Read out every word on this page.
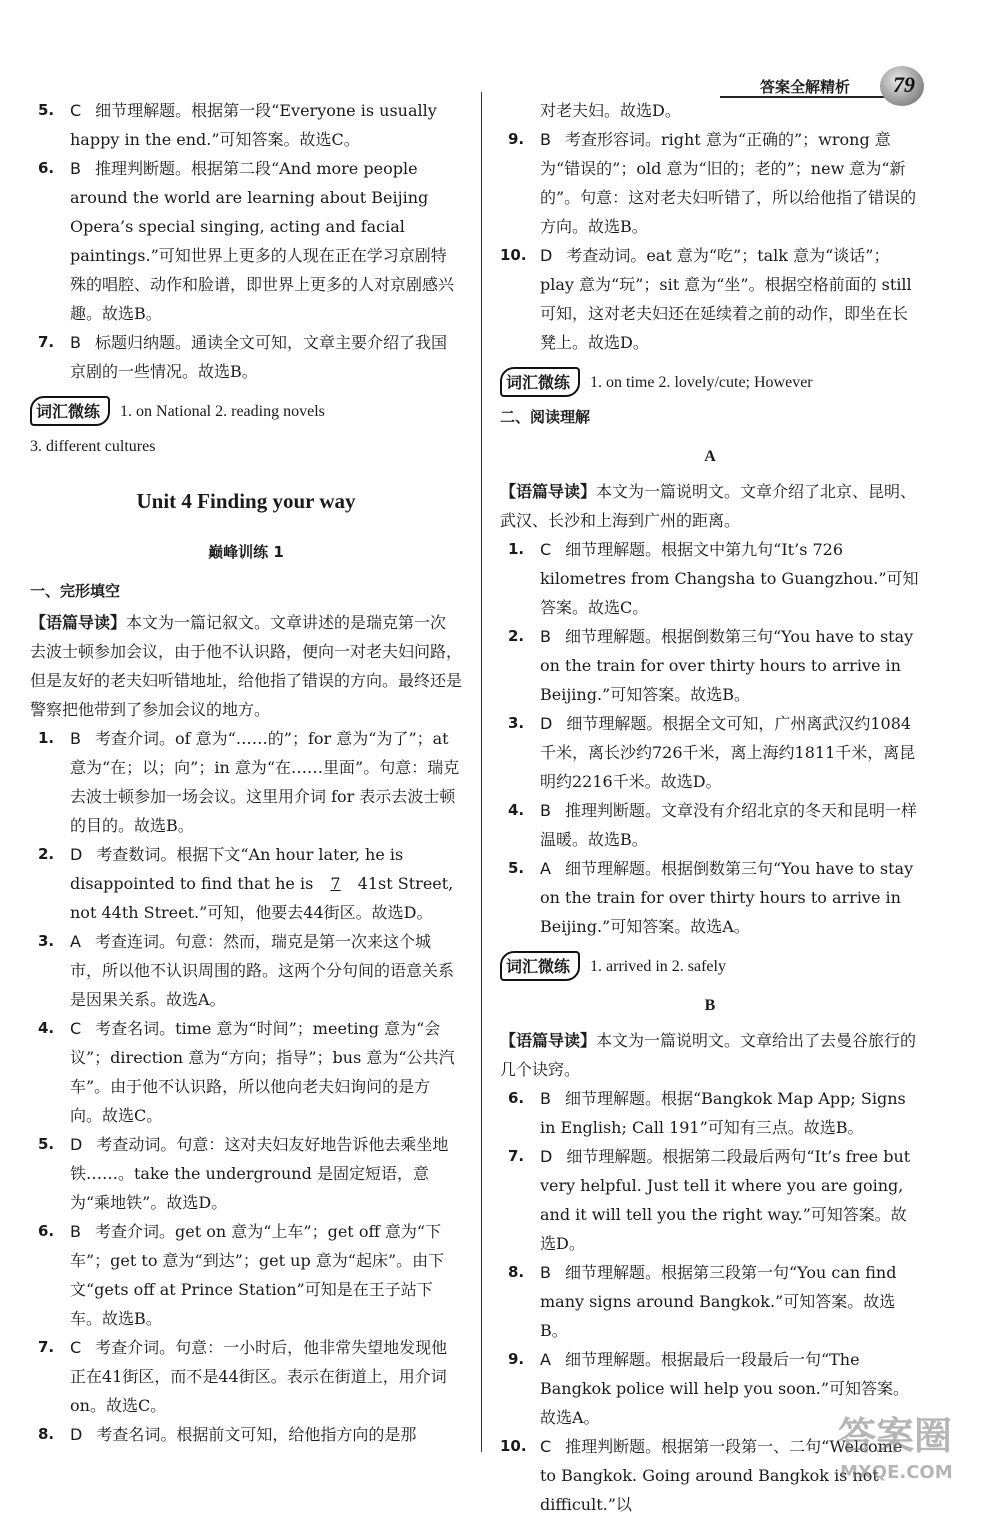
答案全解精析	79
5. C 细节理解题。根据第一段“Everyone is usually happy in the end.”可知答案。故选C。
6. B 推理判断题。根据第二段“And more people around the world are learning about Beijing Opera’s special singing, acting and facial paintings.”可知世界上更多的人现在正在学习京剧特殊的唱腔、动作和脸谱，即世界上更多的人对京剧感兴趣。故选B。
7. B 标题归纳题。通读全文可知，文章主要介绍了我国京剧的一些情况。故选B。
词汇微练	1. on National 2. reading novels
3. different cultures
Unit 4 Finding your way
巅峰训练 1
一、完形填空

【语篇导读】本文为一篇记叙文。文章讲述的是瑞克第一次去波士顿参加会议，由于他不认识路，便向一对老夫妇问路，但是友好的老夫妇听错地址，给他指了错误的方向。最终还是警察把他带到了参加会议的地方。

1. B 考查介词。of 意为“……的”；for 意为“为了”；at 意为“在；以；向”；in 意为“在……里面”。句意：瑞克去波士顿参加一场会议。这里用介词 for 表示去波士顿的目的。故选B。
2. D 考查数词。根据下文“An hour later, he is disappointed to find that he is 7 41st Street, not 44th Street.”可知，他要去44街区。故选D。
3. A 考查连词。句意：然而，瑞克是第一次来这个城市，所以他不认识周围的路。这两个分句间的语意关系是因果关系。故选A。
4. C 考查名词。time 意为“时间”；meeting 意为“会议”；direction 意为“方向；指导”；bus 意为“公共汽车”。由于他不认识路，所以他向老夫妇询问的是方向。故选C。
5. D 考查动词。句意：这对夫妇友好地告诉他去乘坐地铁……。take the underground 是固定短语，意为“乘地铁”。故选D。
6. B 考查介词。get on 意为“上车”；get off 意为“下车”；get to 意为“到达”；get up 意为“起床”。由下文“gets off at Prince Station”可知是在王子站下车。故选B。
7. C 考查介词。句意：一小时后，他非常失望地发现他正在41街区，而不是44街区。表示在街道上，用介词 on。故选C。
8. D 考查名词。根据前文可知，给他指方向的是那
对老夫妇。故选D。
9. B 考查形容词。right 意为“正确的”；wrong 意为“错误的”；old 意为“旧的；老的”；new 意为“新的”。句意：这对老夫妇听错了，所以给他指了错误的方向。故选B。
10. D 考查动词。eat 意为“吃”；talk 意为“谈话”；play 意为“玩”；sit 意为“坐”。根据空格前面的 still 可知，这对老夫妇还在延续着之前的动作，即坐在长凳上。故选D。
词汇微练	1. on time 2. lovely/cute; However
二、阅读理解
A

【语篇导读】本文为一篇说明文。文章介绍了北京、昆明、武汉、长沙和上海到广州的距离。

1. C 细节理解题。根据文中第九句“It’s 726 kilometres from Changsha to Guangzhou.”可知答案。故选C。
2. B 细节理解题。根据倒数第三句“You have to stay on the train for over thirty hours to arrive in Beijing.”可知答案。故选B。
3. D 细节理解题。根据全文可知，广州离武汉约1084千米，离长沙约726千米，离上海约1811千米，离昆明约2216千米。故选D。
4. B 推理判断题。文章没有介绍北京的冬天和昆明一样温暖。故选B。
5. A 细节理解题。根据倒数第三句“You have to stay on the train for over thirty hours to arrive in Beijing.”可知答案。故选A。
词汇微练	1. arrived in 2. safely
B

【语篇导读】本文为一篇说明文。文章给出了去曼谷旅行的几个诀窍。

6. B 细节理解题。根据“Bangkok Map App; Signs in English; Call 191”可知有三点。故选B。
7. D 细节理解题。根据第二段最后两句“It’s free but very helpful. Just tell it where you are going, and it will tell you the right way.”可知答案。故选D。
8. B 细节理解题。根据第三段第一句“You can find many signs around Bangkok.”可知答案。故选B。
9. A 细节理解题。根据最后一段最后一句“The Bangkok police will help you soon.”可知答案。故选A。
10. C 推理判断题。根据第一段第一、二句“Welcome to Bangkok. Going around Bangkok is not difficult.”以
答案圈
MXQE.COM
